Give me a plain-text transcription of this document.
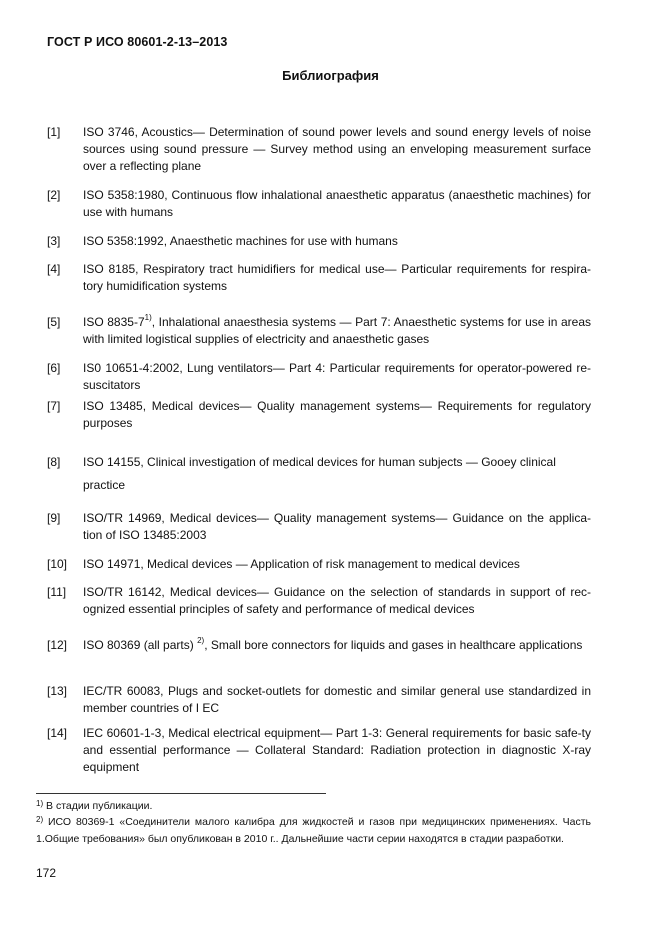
ГОСТ Р ИСО 80601-2-13–2013
Библиография
[1] ISO 3746, Acoustics— Determination of sound power levels and sound energy levels of noise sources using sound pressure — Survey method using an enveloping measurement surface over a reflecting plane
[2] ISO 5358:1980, Continuous flow inhalational anaesthetic apparatus (anaesthetic machines) for use with humans
[3] ISO 5358:1992, Anaesthetic machines for use with humans
[4] ISO 8185, Respiratory tract humidifiers for medical use— Particular requirements for respira-tory humidification systems
[5] ISO 8835-7$^{1)}$, Inhalational anaesthesia systems — Part 7: Anaesthetic systems for use in areas with limited logistical supplies of electricity and anaesthetic gases
[6] IS0 10651-4:2002, Lung ventilators— Part 4: Particular requirements for operator-powered re-suscitators
[7] ISO 13485, Medical devices— Quality management systems— Requirements for regulatory purposes
[8] ISO 14155, Clinical investigation of medical devices for human subjects — Gooey clinical
practice
[9] ISO/TR 14969, Medical devices— Quality management systems— Guidance on the applica-tion of ISO 13485:2003
[10] ISO 14971, Medical devices — Application of risk management to medical devices
[11] ISO/TR 16142, Medical devices— Guidance on the selection of standards in support of rec-ognized essential principles of safety and performance of medical devices
[12] ISO 80369 (all parts) $^{2)}$, Small bore connectors for liquids and gases in healthcare applications
[13] IEC/TR 60083, Plugs and socket-outlets for domestic and similar general use standardized in member countries of I EC
[14] IEC 60601-1-3, Medical electrical equipment— Part 1-3: General requirements for basic safe-ty and essential performance — Collateral Standard: Radiation protection in diagnostic X-ray equipment
$^{1)}$ В стадии публикации.
$^{2)}$ ИСО 80369-1 «Соединители малого калибра для жидкостей и газов при медицинских применениях. Часть 1.Общие требования» был опубликован в 2010 г.. Дальнейшие части серии находятся в стадии разработки.
172
